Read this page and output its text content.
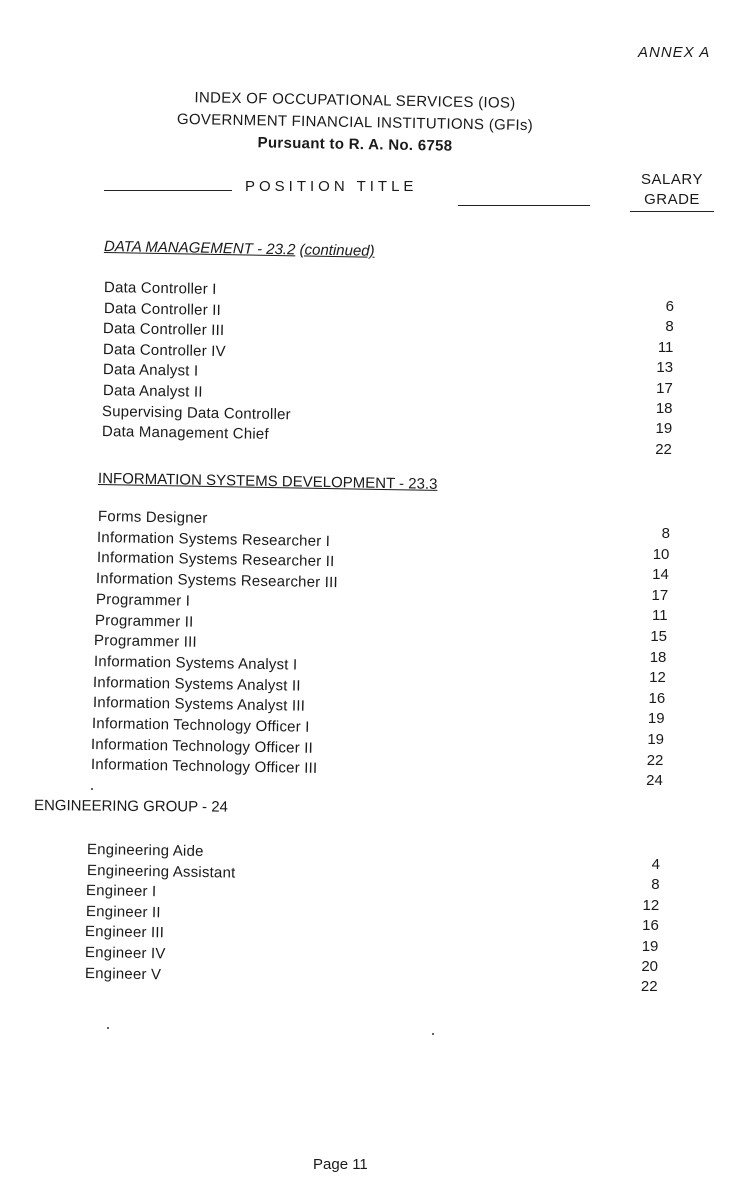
ANNEX A
INDEX OF OCCUPATIONAL SERVICES (IOS)
GOVERNMENT FINANCIAL INSTITUTIONS (GFIs)
Pursuant to R. A. No. 6758
POSITION TITLE	SALARY
GRADE
DATA MANAGEMENT - 23.2 (continued)
INFORMATION SYSTEMS DEVELOPMENT - 23.3
ENGINEERING GROUP - 24
Data Controller I
Data Controller II
Data Controller III
Data Controller IV
Data Analyst I
Data Analyst II
Supervising Data Controller
Data Management Chief
6
8
11
13
17
18
19
22
Forms Designer
Information Systems Researcher I
Information Systems Researcher II
Information Systems Researcher III
Programmer I
Programmer II
Programmer III
Information Systems Analyst I
Information Systems Analyst II
Information Systems Analyst III
Information Technology Officer I
Information Technology Officer II
Information Technology Officer III
8
10
14
17
11
15
18
12
16
19
19
22
24
Engineering Aide
Engineering Assistant
Engineer I
Engineer II
Engineer III
Engineer IV
Engineer V
4
8
12
16
19
20
22
Page 11
